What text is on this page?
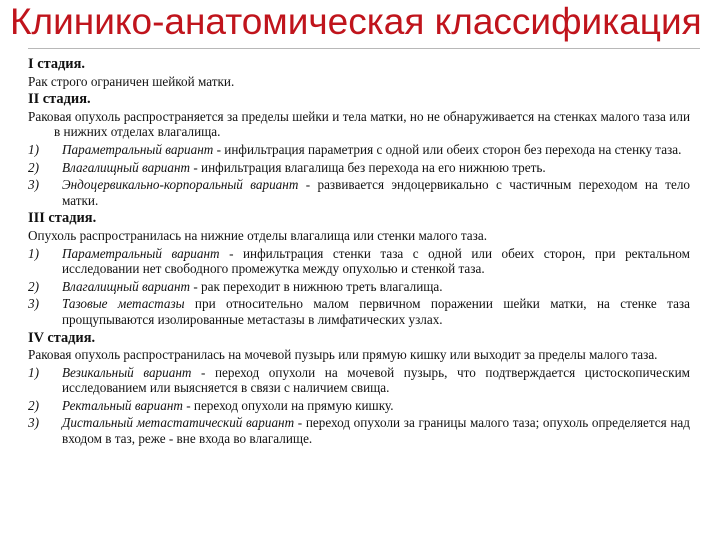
Клинико-анатомическая классификация
I стадия.
Рак строго ограничен шейкой матки.
II стадия.
Раковая опухоль распространяется за пределы шейки и тела матки, но не обнаруживается на стенках малого таза или в нижних отделах влагалища.
1) Параметральный вариант - инфильтрация параметрия с одной или обеих сторон без перехода на стенку таза.
2) Влагалищный вариант - инфильтрация влагалища без перехода на его нижнюю треть.
3) Эндоцервикально-корпоральный вариант - развивается эндоцервикально с частичным переходом на тело матки.
III стадия.
Опухоль распространилась на нижние отделы влагалища или стенки малого таза.
1) Параметральный вариант - инфильтрация стенки таза с одной или обеих сторон, при ректальном исследовании нет свободного промежутка между опухолью и стенкой таза.
2) Влагалищный вариант - рак переходит в нижнюю треть влагалища.
3) Тазовые метастазы при относительно малом первичном поражении шейки матки, на стенке таза прощупываются изолированные метастазы в лимфатических узлах.
IV стадия.
Раковая опухоль распространилась на мочевой пузырь или прямую кишку или выходит за пределы малого таза.
1) Везикальный вариант - переход опухоли на мочевой пузырь, что подтверждается цистоскопическим исследованием или выясняется в связи с наличием свища.
2) Ректальный вариант - переход опухоли на прямую кишку.
3) Дистальный метастатический вариант - переход опухоли за границы малого таза; опухоль определяется над входом в таз, реже - вне входа во влагалище.
